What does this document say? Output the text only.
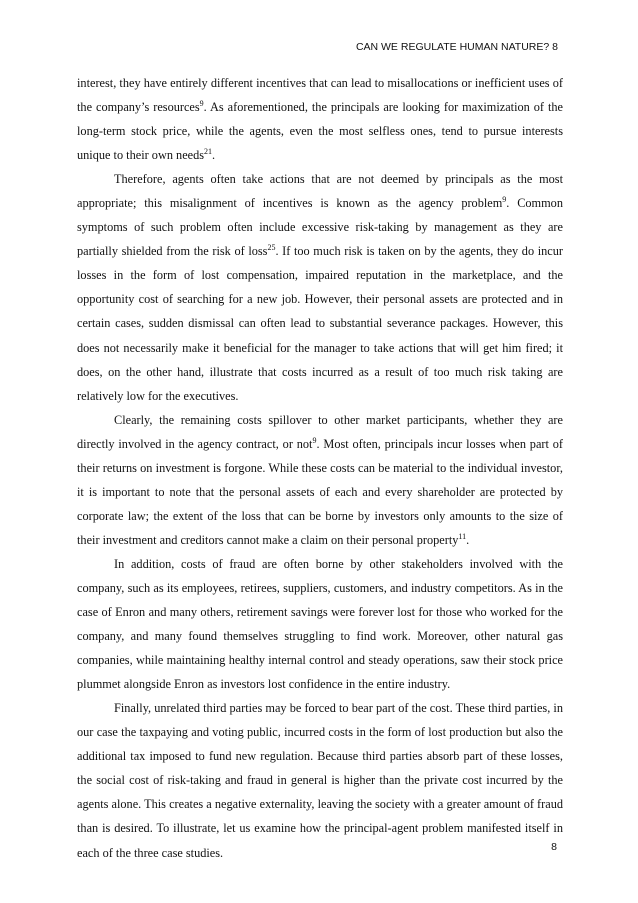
CAN WE REGULATE HUMAN NATURE? 8

interest, they have entirely different incentives that can lead to misallocations or inefficient uses of the company’s resources$^9$. As aforementioned, the principals are looking for maximization of the long-term stock price, while the agents, even the most selfless ones, tend to pursue interests unique to their own needs$^{21}$.

Therefore, agents often take actions that are not deemed by principals as the most appropriate; this misalignment of incentives is known as the agency problem$^9$. Common symptoms of such problem often include excessive risk-taking by management as they are partially shielded from the risk of loss$^{25}$. If too much risk is taken on by the agents, they do incur losses in the form of lost compensation, impaired reputation in the marketplace, and the opportunity cost of searching for a new job. However, their personal assets are protected and in certain cases, sudden dismissal can often lead to substantial severance packages. However, this does not necessarily make it beneficial for the manager to take actions that will get him fired; it does, on the other hand, illustrate that costs incurred as a result of too much risk taking are relatively low for the executives.

Clearly, the remaining costs spillover to other market participants, whether they are directly involved in the agency contract, or not$^9$. Most often, principals incur losses when part of their returns on investment is forgone. While these costs can be material to the individual investor, it is important to note that the personal assets of each and every shareholder are protected by corporate law; the extent of the loss that can be borne by investors only amounts to the size of their investment and creditors cannot make a claim on their personal property$^{11}$.

In addition, costs of fraud are often borne by other stakeholders involved with the company, such as its employees, retirees, suppliers, customers, and industry competitors. As in the case of Enron and many others, retirement savings were forever lost for those who worked for the company, and many found themselves struggling to find work. Moreover, other natural gas companies, while maintaining healthy internal control and steady operations, saw their stock price plummet alongside Enron as investors lost confidence in the entire industry.

Finally, unrelated third parties may be forced to bear part of the cost. These third parties, in our case the taxpaying and voting public, incurred costs in the form of lost production but also the additional tax imposed to fund new regulation. Because third parties absorb part of these losses, the social cost of risk-taking and fraud in general is higher than the private cost incurred by the agents alone. This creates a negative externality, leaving the society with a greater amount of fraud than is desired. To illustrate, let us examine how the principal-agent problem manifested itself in each of the three case studies.	8
